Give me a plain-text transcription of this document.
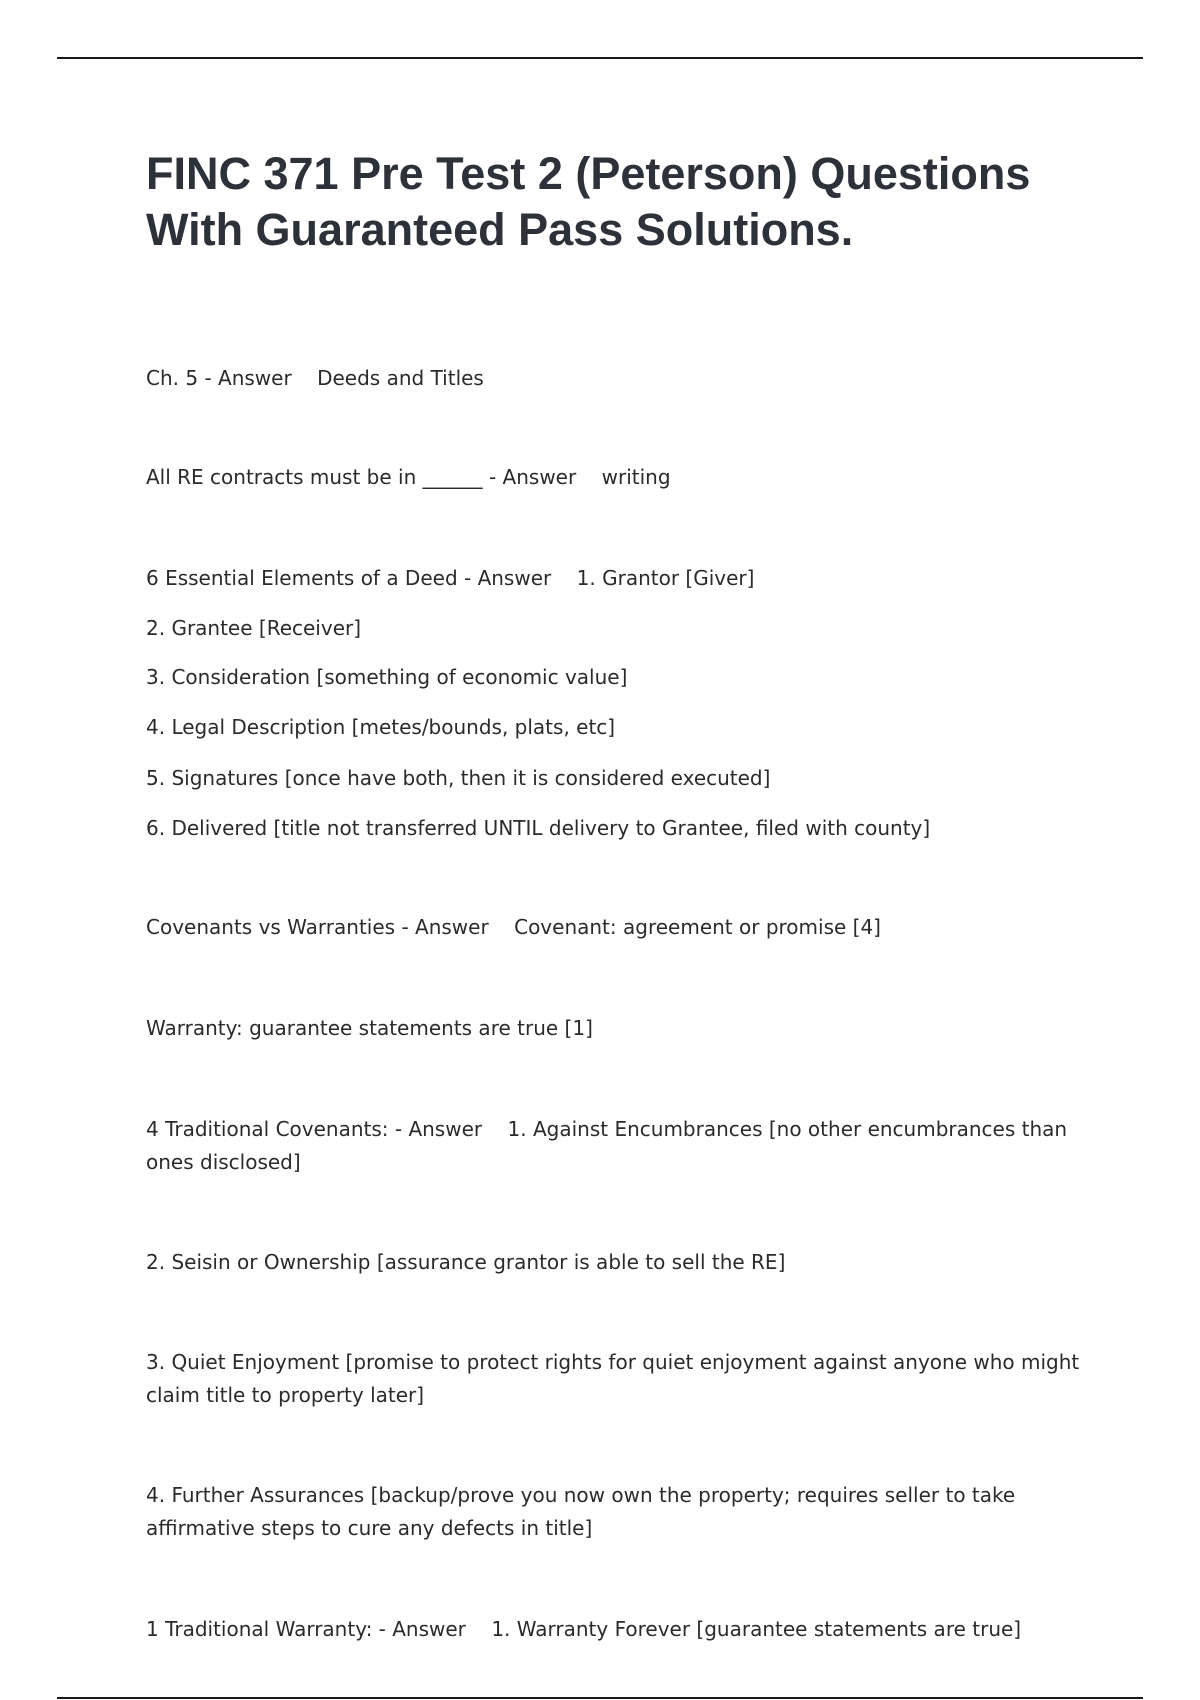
FINC 371 Pre Test 2 (Peterson) Questions With Guaranteed Pass Solutions.

Ch. 5 - Answer    Deeds and Titles

All RE contracts must be in ______ - Answer    writing

6 Essential Elements of a Deed - Answer    1. Grantor [Giver]

2. Grantee [Receiver]

3. Consideration [something of economic value]

4. Legal Description [metes/bounds, plats, etc]

5. Signatures [once have both, then it is considered executed]

6. Delivered [title not transferred UNTIL delivery to Grantee, filed with county]

Covenants vs Warranties - Answer    Covenant: agreement or promise [4]

Warranty: guarantee statements are true [1]

4 Traditional Covenants: - Answer    1. Against Encumbrances [no other encumbrances than ones disclosed]

2. Seisin or Ownership [assurance grantor is able to sell the RE]

3. Quiet Enjoyment [promise to protect rights for quiet enjoyment against anyone who might claim title to property later]

4. Further Assurances [backup/prove you now own the property; requires seller to take affirmative steps to cure any defects in title]

1 Traditional Warranty: - Answer    1. Warranty Forever [guarantee statements are true]
